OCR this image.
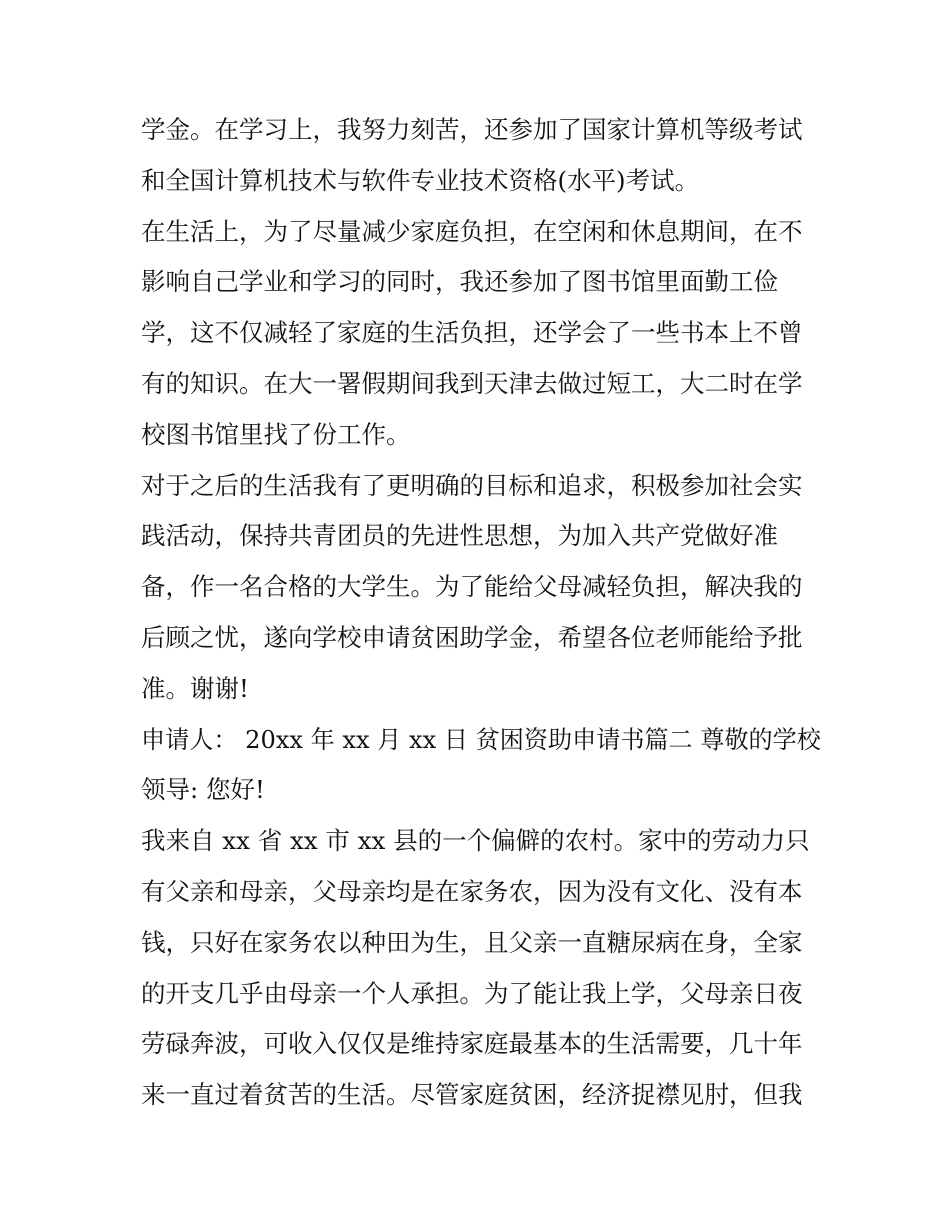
学金。在学习上，我努力刻苦，还参加了国家计算机等级考试
和全国计算机技术与软件专业技术资格(水平)考试。
在生活上，为了尽量减少家庭负担，在空闲和休息期间，在不
影响自己学业和学习的同时，我还参加了图书馆里面勤工俭
学，这不仅减轻了家庭的生活负担，还学会了一些书本上不曾
有的知识。在大一署假期间我到天津去做过短工，大二时在学
校图书馆里找了份工作。
对于之后的生活我有了更明确的目标和追求，积极参加社会实
践活动，保持共青团员的先进性思想，为加入共产党做好准
备，作一名合格的大学生。为了能给父母减轻负担，解决我的
后顾之忧，遂向学校申请贫困助学金，希望各位老师能给予批
准。谢谢!
申请人： 20xx 年 xx 月 xx 日 贫困资助申请书篇二 尊敬的学校
领导: 您好!
我来自 xx 省 xx 市 xx 县的一个偏僻的农村。家中的劳动力只
有父亲和母亲，父母亲均是在家务农，因为没有文化、没有本
钱，只好在家务农以种田为生，且父亲一直糖尿病在身，全家
的开支几乎由母亲一个人承担。为了能让我上学，父母亲日夜
劳碌奔波，可收入仅仅是维持家庭最基本的生活需要，几十年
来一直过着贫苦的生活。尽管家庭贫困，经济捉襟见肘，但我
